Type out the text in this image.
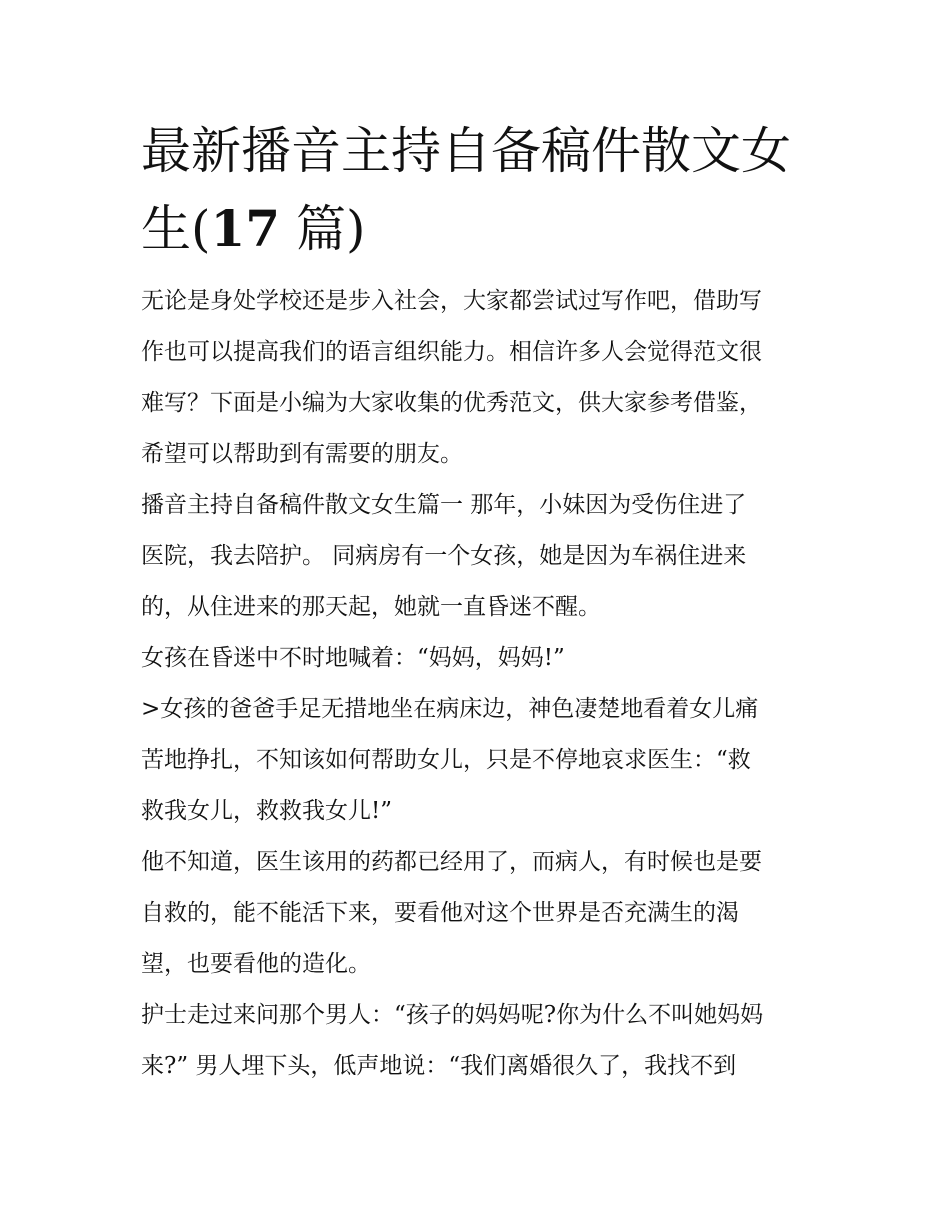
最新播音主持自备稿件散文女
生(17 篇)

无论是身处学校还是步入社会，大家都尝试过写作吧，借助写
作也可以提高我们的语言组织能力。相信许多人会觉得范文很
难写？下面是小编为大家收集的优秀范文，供大家参考借鉴，
希望可以帮助到有需要的朋友。

播音主持自备稿件散文女生篇一 那年，小妹因为受伤住进了
医院，我去陪护。 同病房有一个女孩，她是因为车祸住进来
的，从住进来的那天起，她就一直昏迷不醒。

女孩在昏迷中不时地喊着：“妈妈，妈妈!”

>女孩的爸爸手足无措地坐在病床边，神色凄楚地看着女儿痛
苦地挣扎，不知该如何帮助女儿，只是不停地哀求医生：“救
救我女儿，救救我女儿!”

他不知道，医生该用的药都已经用了，而病人，有时候也是要
自救的，能不能活下来，要看他对这个世界是否充满生的渴
望，也要看他的造化。

护士走过来问那个男人：“孩子的妈妈呢?你为什么不叫她妈妈
来?” 男人埋下头，低声地说：“我们离婚很久了，我找不到
